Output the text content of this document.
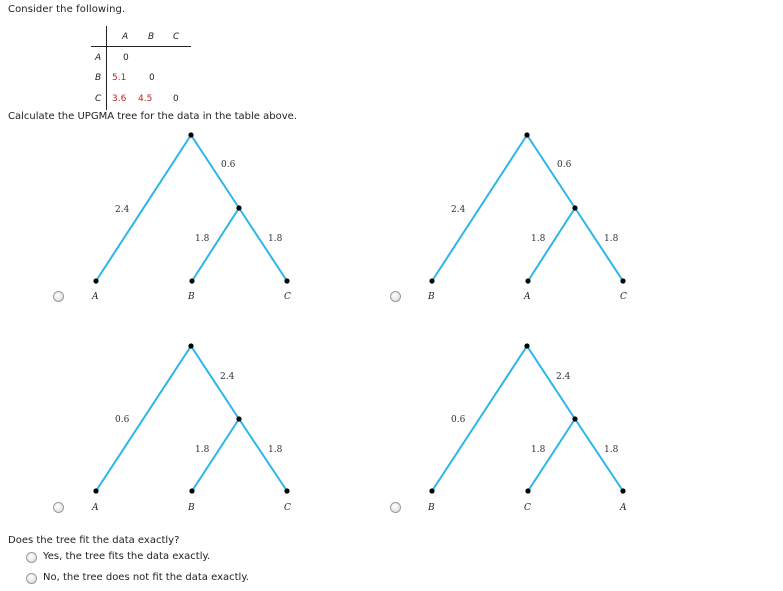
Consider the following.
A B C
A 0
B 5.1	0
C 3.6 4.5 0
Calculate the UPGMA tree for the data in the table above.
0.6
2.4
1.8	1.8
A	B	C
0.6
2.4
1.8	1.8
B	A	C
2.4
0.6
1.8	1.8
A	B	C
2.4
0.6
1.8	1.8
B	C	A
Does the tree fit the data exactly?
Yes, the tree fits the data exactly.
No, the tree does not fit the data exactly.
